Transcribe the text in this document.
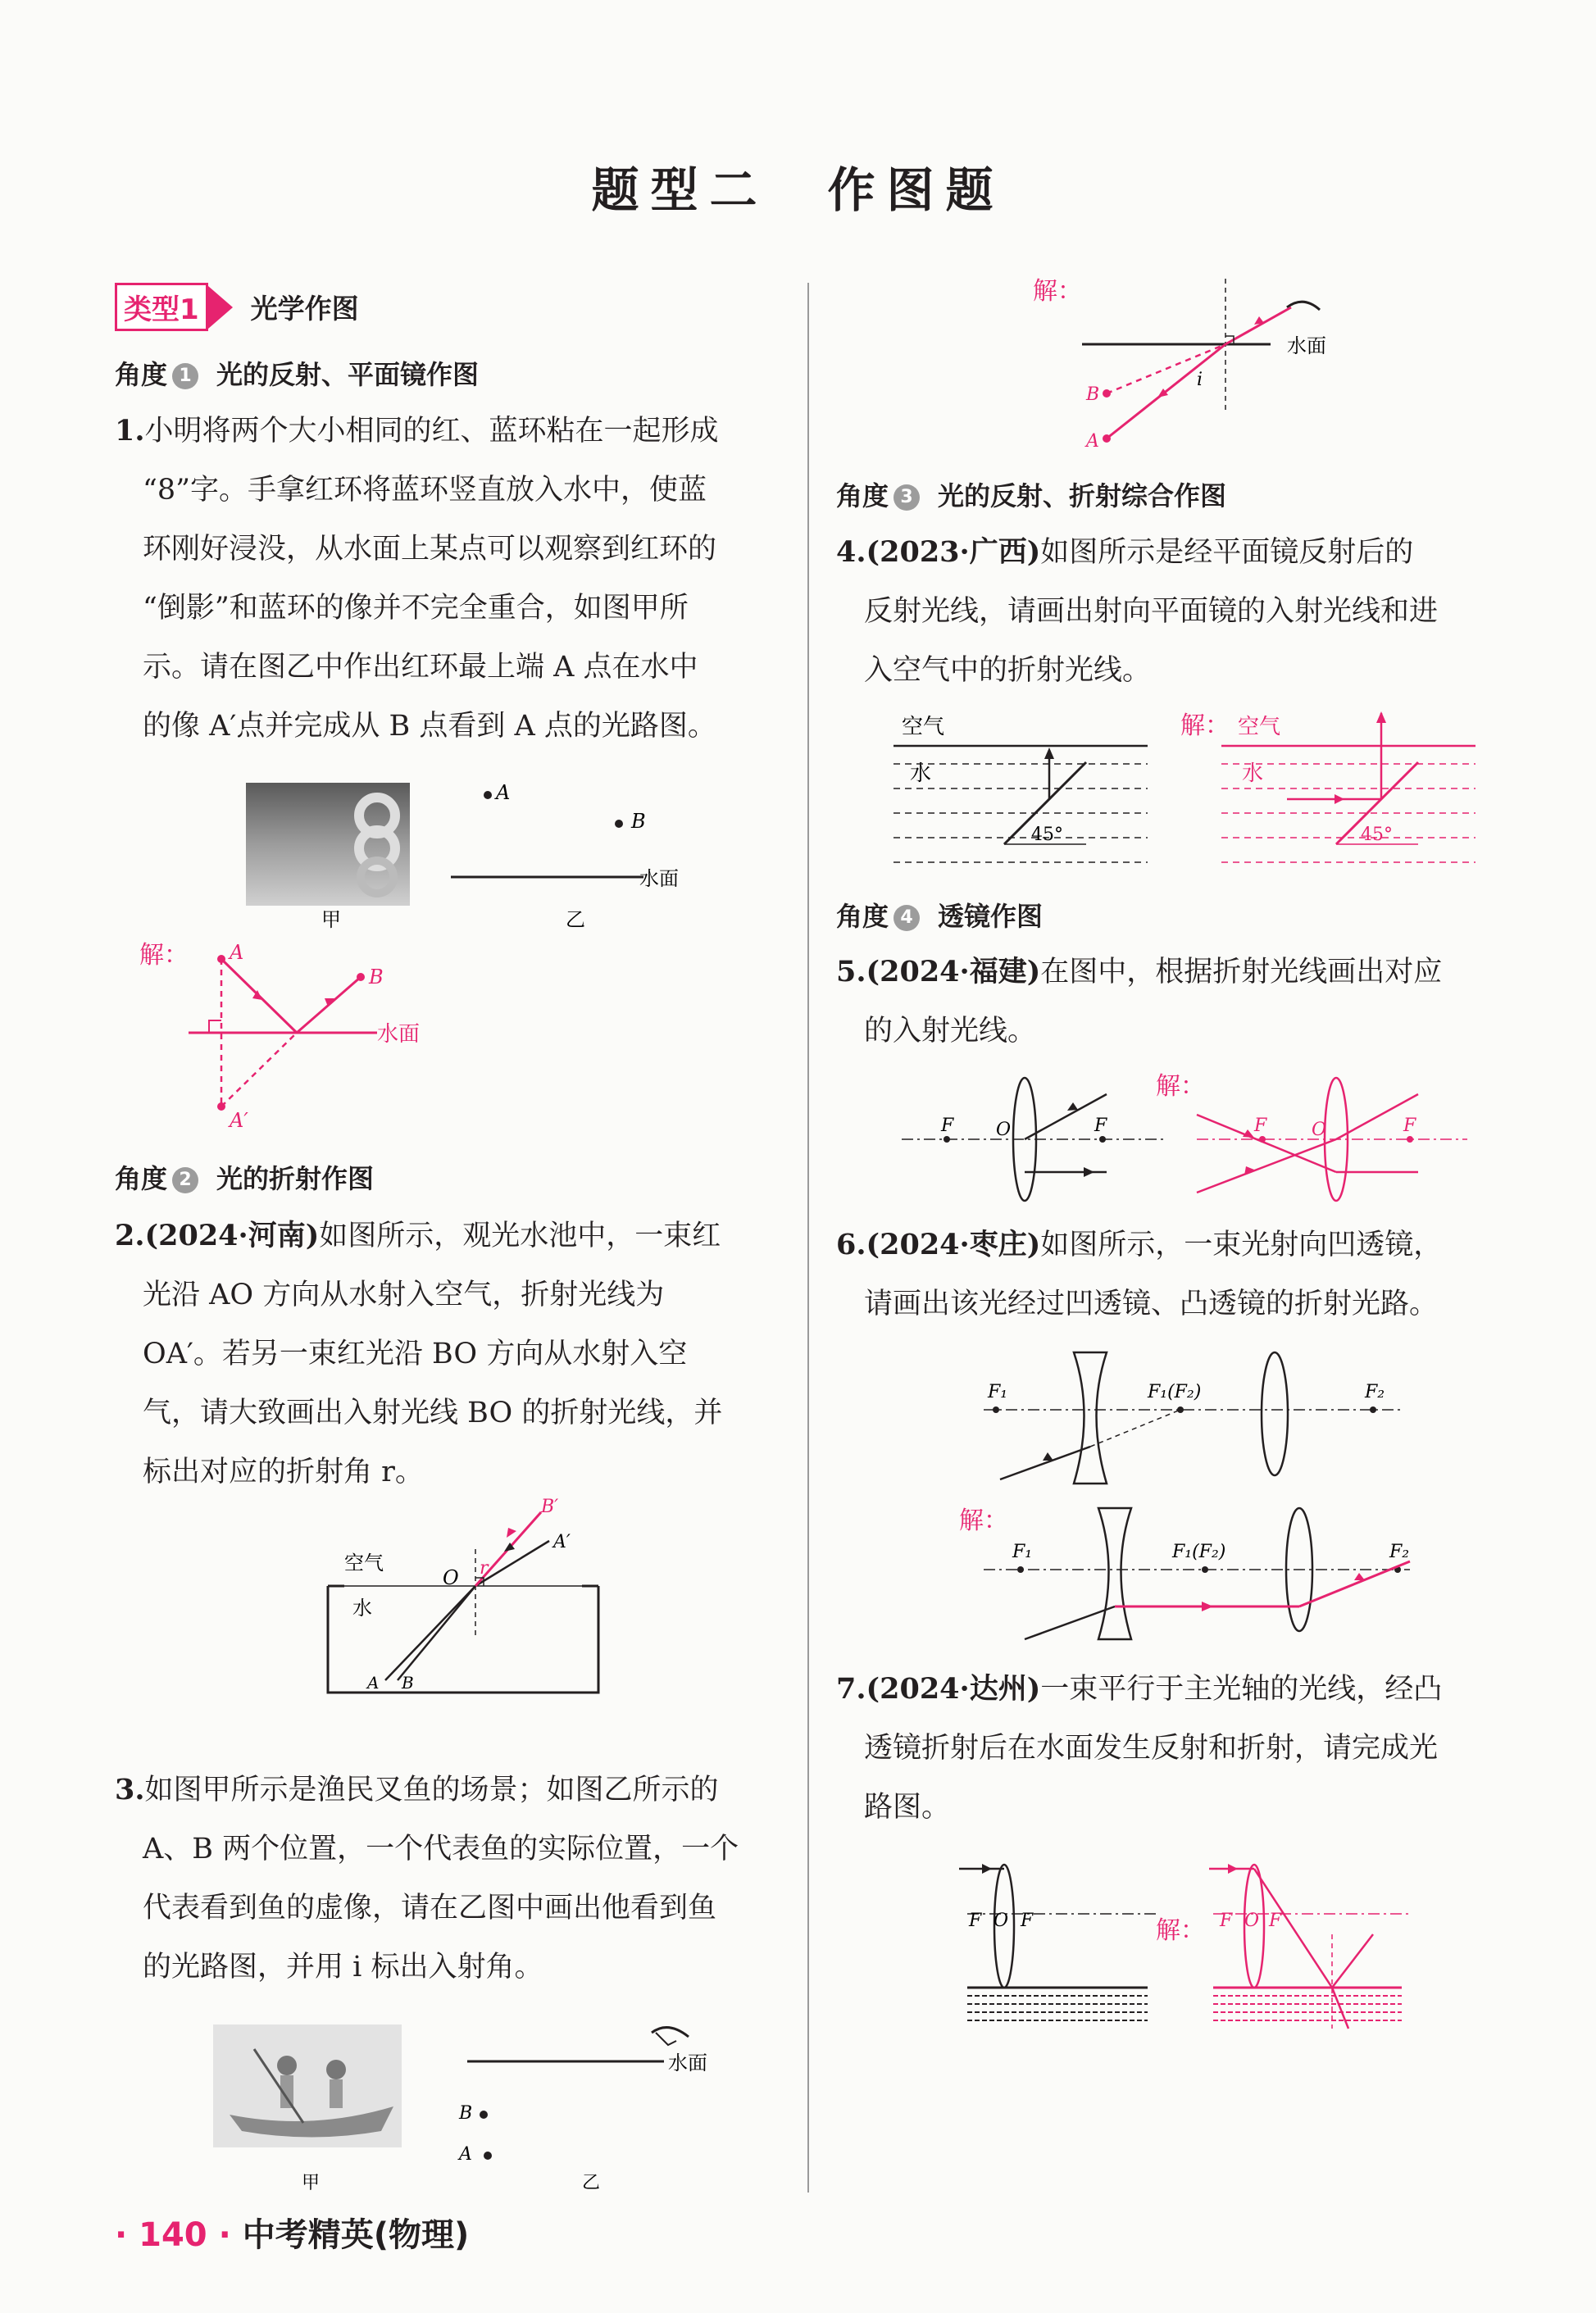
题型二　作图题
类型1	光学作图
角度 1 光的反射、平面镜作图

1.小明将两个大小相同的红、蓝环粘在一起形成

“8”字。手拿红环将蓝环竖直放入水中，使蓝

环刚好浸没，从水面上某点可以观察到红环的

“倒影”和蓝环的像并不完全重合，如图甲所

示。请在图乙中作出红环最上端 A 点在水中

的像 A′点并完成从 B 点看到 A 点的光路图。

甲
A
B
水面
乙
解：
水面
A
B
A′
角度 2 光的折射作图

2.(2024·河南)如图所示，观光水池中，一束红

光沿 AO 方向从水射入空气，折射光线为

OA′。若另一束红光沿 BO 方向从水射入空

气，请大致画出入射光线 BO 的折射光线，并

标出对应的折射角 r。

空气
水
O r
A′
B′
A B

3.如图甲所示是渔民叉鱼的场景；如图乙所示的

A、B 两个位置，一个代表鱼的实际位置，一个

代表看到鱼的虚像，请在乙图中画出他看到鱼

的光路图，并用 i 标出入射角。

甲
水面
B
A
乙
解：
水面
B
A
i
角度 3 光的反射、折射综合作图

4.(2023·广西)如图所示是经平面镜反射后的

反射光线，请画出射向平面镜的入射光线和进

入空气中的折射光线。

空气
水
45°
解： 空气
水
45°
角度 4 透镜作图

5.(2024·福建)在图中，根据折射光线画出对应

的入射光线。

F	F
O
解：
F	F
O

6.(2024·枣庄)如图所示，一束光射向凹透镜，

请画出该光经过凹透镜、凸透镜的折射光路。

F₁	F₁(F₂)	F₂
解：
F₁	F₁(F₂)	F₂

7.(2024·达州)一束平行于主光轴的光线，经凸

透镜折射后在水面发生反射和折射，请完成光

路图。

F O F	解： F O F
· 140 · 中考精英(物理)
